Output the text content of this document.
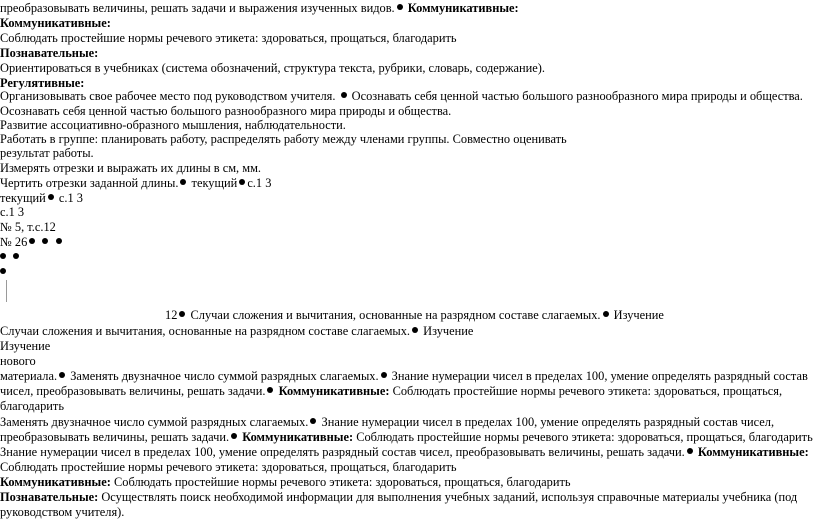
преобразовывать величины, решать задачи и выражения изученных видов. Коммуникативные:
Коммуникативные:
Соблюдать простейшие нормы речевого этикета: здороваться, прощаться, благодарить
Познавательные:
Ориентироваться в учебниках (система обозначений, структура текста, рубрики, словарь, содержание).
Регулятивные:
Организовывать свое рабочее место под руководством учителя. Осознавать себя ценной частью большого разнообразного мира природы и общества.
Осознавать себя ценной частью большого разнообразного мира природы и общества.
Развитие ассоциативно-образного мышления, наблюдательности.
Работать в группе: планировать работу, распределять работу между членами группы. Совместно оценивать
результат работы.
Измерять отрезки и выражать их длины в см, мм.
Чертить отрезки заданной длины. текущий с.1 3
текущий с.1 3
с.1 3
№ 5, т.с.12
№ 26

12 Случаи сложения и вычитания, основанные на разрядном составе слагаемых. Изучение
Случаи сложения и вычитания, основанные на разрядном составе слагаемых. Изучение
Изучение
нового
материала. Заменять двузначное число суммой разрядных слагаемых. Знание нумерации чисел в пределах 100, умение определять разрядный состав
чисел, преобразовывать величины, решать задачи. Коммуникативные: Соблюдать простейшие нормы речевого этикета: здороваться, прощаться,
благодарить
Заменять двузначное число суммой разрядных слагаемых. Знание нумерации чисел в пределах 100, умение определять разрядный состав чисел,
преобразовывать величины, решать задачи. Коммуникативные: Соблюдать простейшие нормы речевого этикета: здороваться, прощаться, благодарить
Знание нумерации чисел в пределах 100, умение определять разрядный состав чисел, преобразовывать величины, решать задачи. Коммуникативные:
Соблюдать простейшие нормы речевого этикета: здороваться, прощаться, благодарить
Коммуникативные: Соблюдать простейшие нормы речевого этикета: здороваться, прощаться, благодарить
Познавательные: Осуществлять поиск необходимой информации для выполнения учебных заданий, используя справочные материалы учебника (под
руководством учителя).
